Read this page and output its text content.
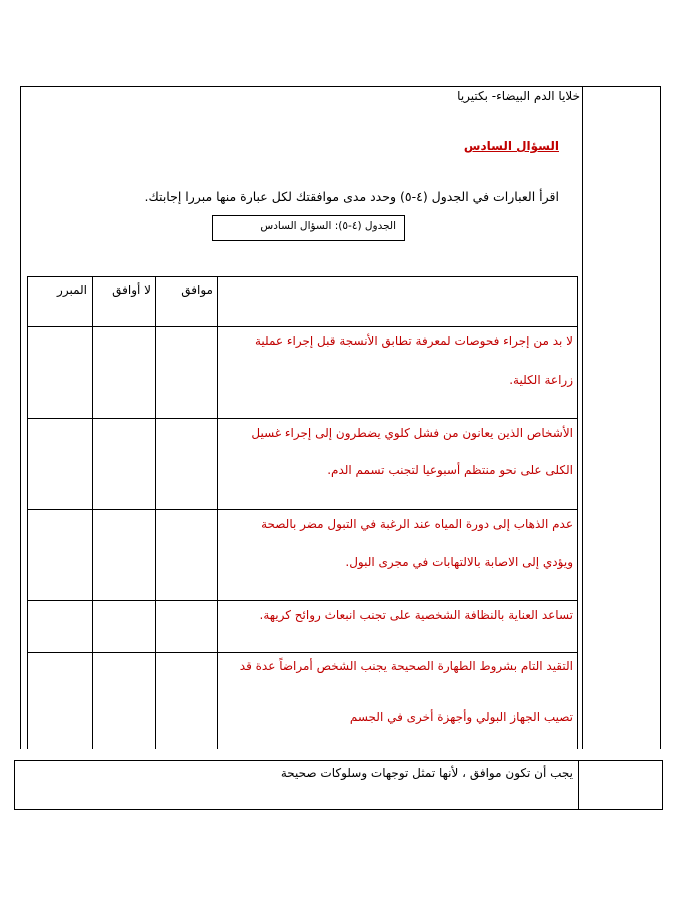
خلايا الدم البيضاء- بكتيريا
السؤال السادس
اقرأ العبارات في الجدول (٤-٥) وحدد مدى موافقتك لكل عبارة منها مبررا إجابتك.
الجدول (٤-٥): السؤال السادس
المبرر	لا أوافق	موافق
لا بد من إجراء فحوصات لمعرفة تطابق الأنسجة قبل إجراء عملية
زراعة الكلية.
الأشخاص الذين يعانون من فشل كلوي يضطرون إلى إجراء غسيل
الكلى على نحو منتظم أسبوعيا لتجنب تسمم الدم.
عدم الذهاب إلى دورة المياه عند الرغبة في التبول مضر بالصحة
ويؤدي إلى الاصابة بالالتهابات في مجرى البول.
تساعد العناية بالنظافة الشخصية على تجنب انبعاث روائح كريهة.
التقيد التام بشروط الطهارة الصحيحة يجنب الشخص أمراضاً عدة قد
تصيب الجهاز البولي وأجهزة أخرى في الجسم
يجب أن تكون موافق ، لأنها تمثل توجهات وسلوكات صحيحة
